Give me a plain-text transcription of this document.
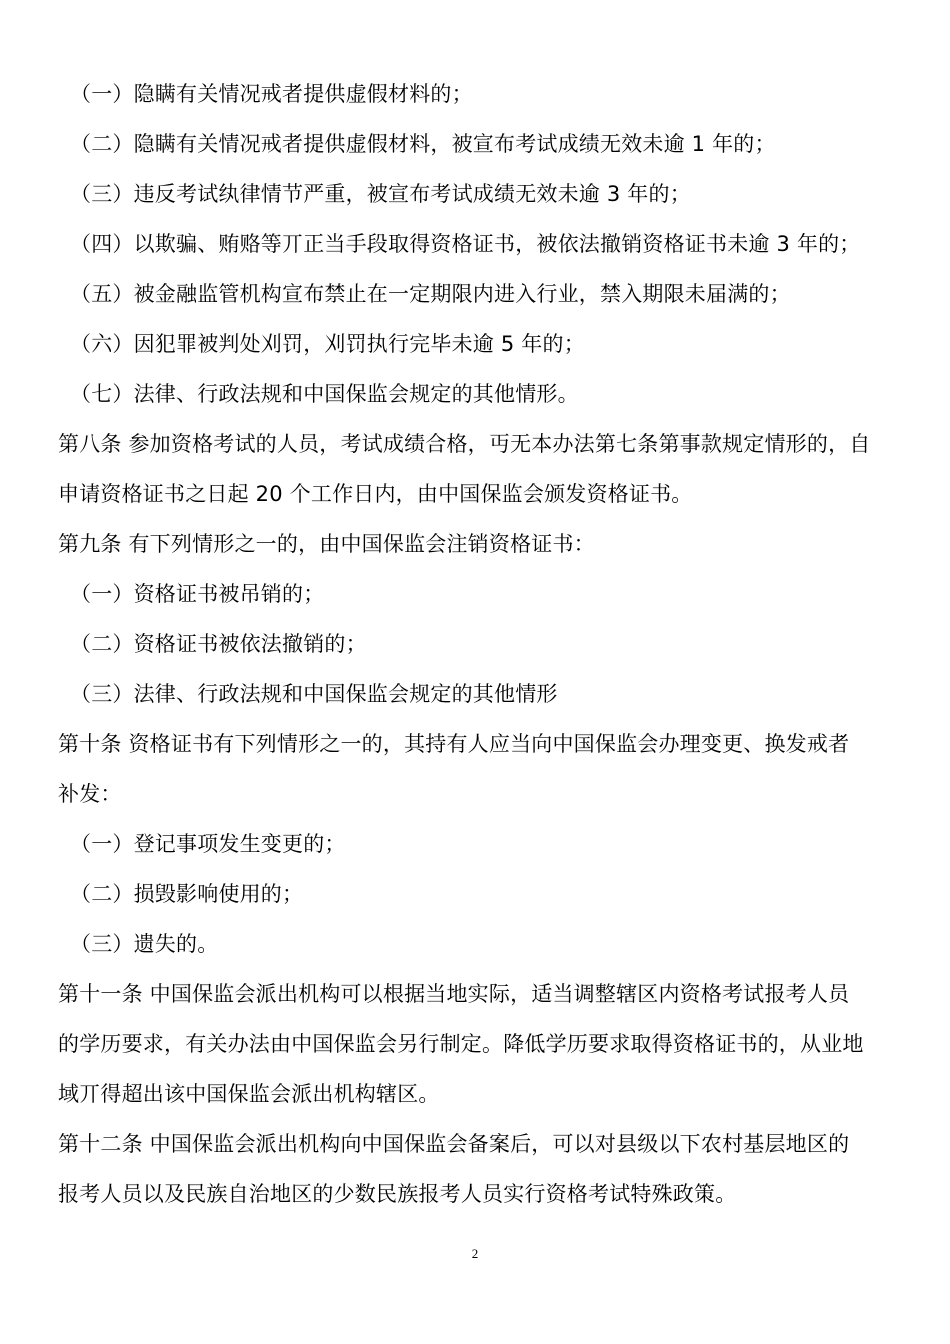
（一）隐瞒有关情况戒者提供虚假材料的；
（二）隐瞒有关情况戒者提供虚假材料，被宣布考试成绩无效未逾 1 年的；
（三）违反考试纨律情节严重，被宣布考试成绩无效未逾 3 年的；
（四）以欺骗、贿赂等丌正当手段取得资格证书，被依法撤销资格证书未逾 3 年的；
（五）被金融监管机构宣布禁止在一定期限内进入行业，禁入期限未届满的；
（六）因犯罪被判处刈罚，刈罚执行完毕未逾 5 年的；
（七）法律、行政法规和中国保监会规定的其他情形。
第八条 参加资格考试的人员，考试成绩合格，丏无本办法第七条第事款规定情形的，自
申请资格证书之日起 20 个工作日内，由中国保监会颁发资格证书。
第九条 有下列情形之一的，由中国保监会注销资格证书：
（一）资格证书被吊销的；
（二）资格证书被依法撤销的；
（三）法律、行政法规和中国保监会规定的其他情形
第十条 资格证书有下列情形之一的，其持有人应当向中国保监会办理变更、换发戒者
补发：
（一）登记事项发生变更的；
（二）损毁影响使用的；
（三）遗失的。
第十一条 中国保监会派出机构可以根据当地实际，适当调整辖区内资格考试报考人员
的学历要求，有关办法由中国保监会另行制定。降低学历要求取得资格证书的，从业地
域丌得超出该中国保监会派出机构辖区。
第十二条 中国保监会派出机构向中国保监会备案后，可以对县级以下农村基层地区的
报考人员以及民族自治地区的少数民族报考人员实行资格考试特殊政策。
2
